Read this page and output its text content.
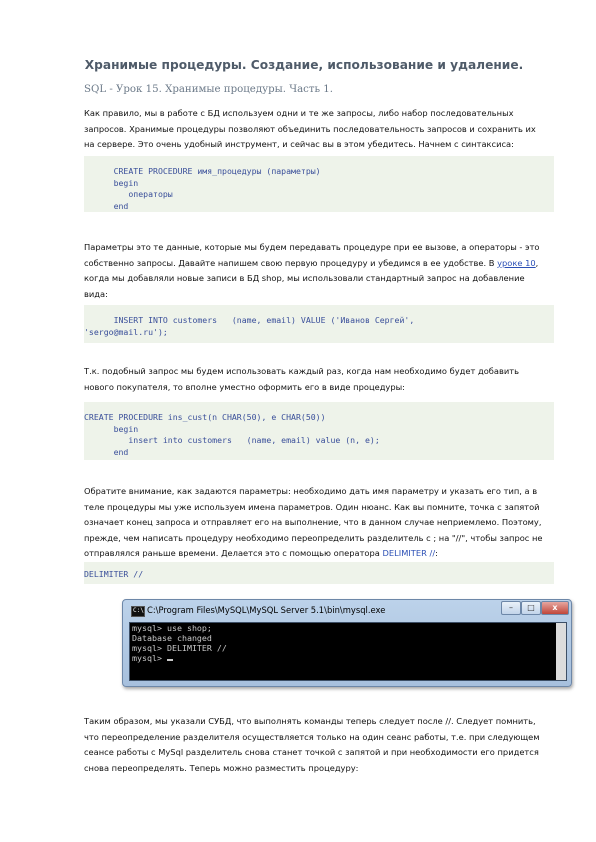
Хранимые процедуры. Создание, использование и удаление.
SQL - Урок 15. Хранимые процедуры. Часть 1.
Как правило, мы в работе с БД используем одни и те же запросы, либо набор последовательных
запросов. Хранимые процедуры позволяют объединить последовательность запросов и сохранить их
на сервере. Это очень удобный инструмент, и сейчас вы в этом убедитесь. Начнем с синтаксиса:
CREATE PROCEDURE имя_процедуры (параметры)
begin
операторы
end
Параметры это те данные, которые мы будем передавать процедуре при ее вызове, а операторы - это
собственно запросы. Давайте напишем свою первую процедуру и убедимся в ее удобстве. В уроке 10,
когда мы добавляли новые записи в БД shop, мы использовали стандартный запрос на добавление
вида:
INSERT INTO customers   (name, email) VALUE ('Иванов Сергей',
'sergo@mail.ru');
Т.к. подобный запрос мы будем использовать каждый раз, когда нам необходимо будет добавить
нового покупателя, то вполне уместно оформить его в виде процедуры:
CREATE PROCEDURE ins_cust(n CHAR(50), e CHAR(50))
begin
insert into customers   (name, email) value (n, e);
end
Обратите внимание, как задаются параметры: необходимо дать имя параметру и указать его тип, а в
теле процедуры мы уже используем имена параметров. Один нюанс. Как вы помните, точка с запятой
означает конец запроса и отправляет его на выполнение, что в данном случае неприемлемо. Поэтому,
прежде, чем написать процедуру необходимо переопределить разделитель с ; на "//", чтобы запрос не
отправлялся раньше времени. Делается это с помощью оператора DELIMITER //:
DELIMITER //
C:\ C:\Program Files\MySQL\MySQL Server 5.1\bin\mysql.exe	–	□	x
mysql> use shop;
Database changed
mysql> DELIMITER //
mysql>
Таким образом, мы указали СУБД, что выполнять команды теперь следует после //. Следует помнить,
что переопределение разделителя осуществляется только на один сеанс работы, т.е. при следующем
сеансе работы с MySql разделитель снова станет точкой с запятой и при необходимости его придется
снова переопределять. Теперь можно разместить процедуру:
